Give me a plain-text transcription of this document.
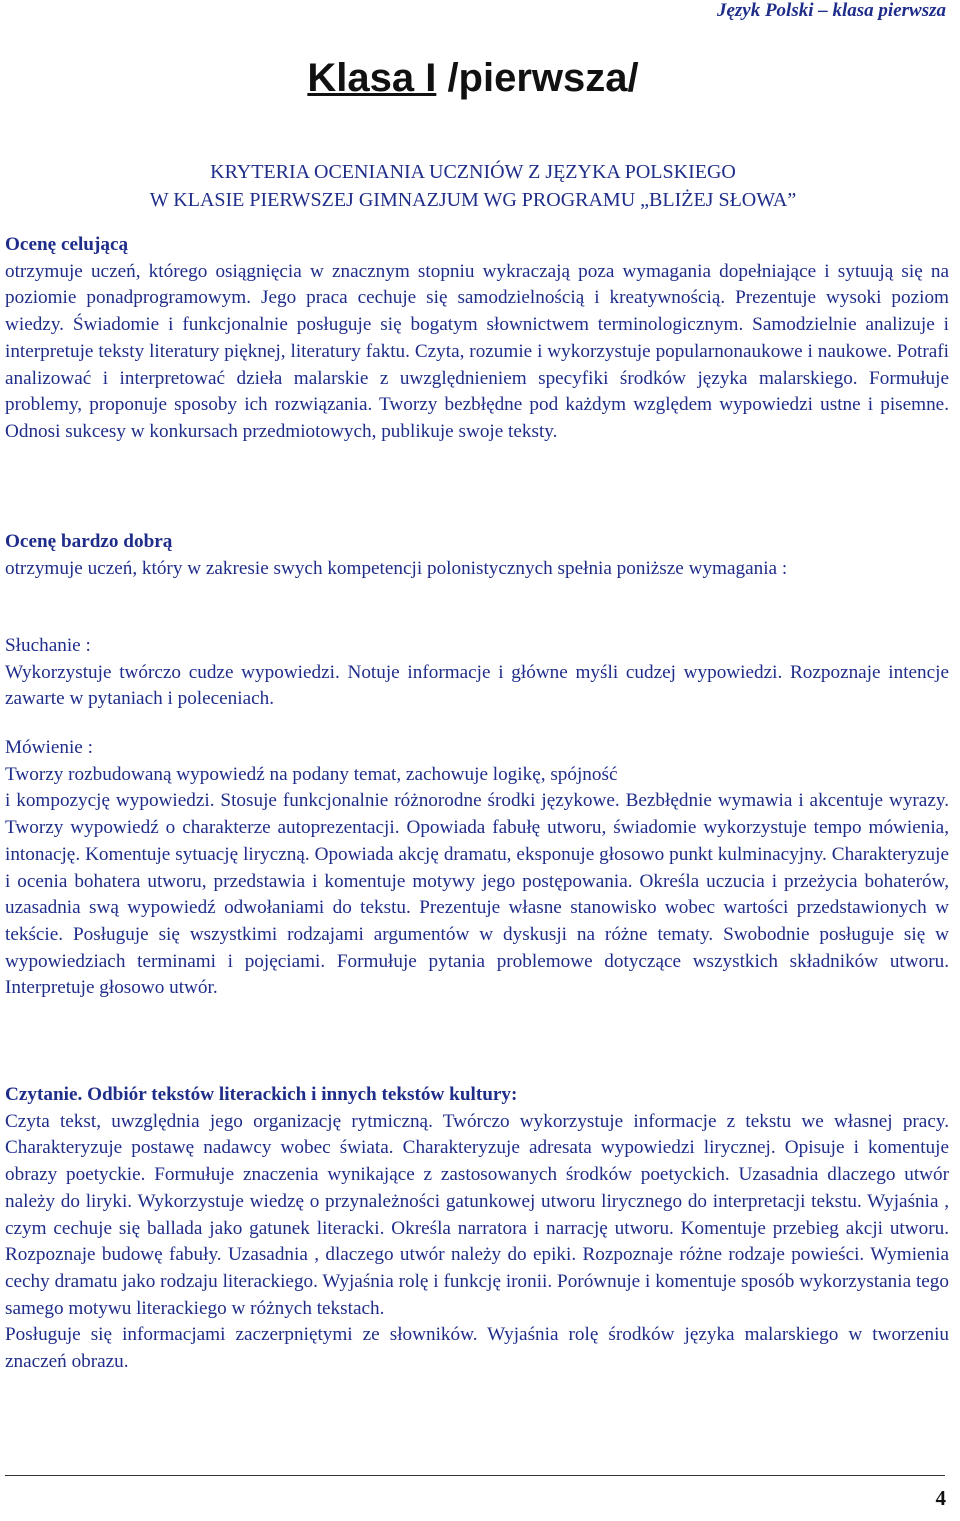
Język Polski – klasa pierwsza
Klasa I /pierwsza/
KRYTERIA OCENIANIA UCZNIÓW Z JĘZYKA POLSKIEGO
W KLASIE PIERWSZEJ GIMNAZJUM WG PROGRAMU „BLIŻEJ SŁOWA”

Ocenę celującą

otrzymuje uczeń, którego osiągnięcia w znacznym stopniu wykraczają poza wymagania dopełniające i sytuują się na poziomie ponadprogramowym. Jego praca cechuje się samodzielnością i kreatywnością. Prezentuje wysoki poziom wiedzy. Świadomie i funkcjonalnie posługuje się bogatym słownictwem terminologicznym. Samodzielnie analizuje i interpretuje teksty literatury pięknej, literatury faktu. Czyta, rozumie i wykorzystuje popularnonaukowe i naukowe. Potrafi analizować i interpretować dzieła malarskie z uwzględnieniem specyfiki środków języka malarskiego. Formułuje problemy, proponuje sposoby ich rozwiązania. Tworzy bezbłędne pod każdym względem wypowiedzi ustne i pisemne. Odnosi sukcesy w konkursach przedmiotowych, publikuje swoje teksty.

Ocenę bardzo dobrą

otrzymuje uczeń, który w zakresie swych kompetencji polonistycznych spełnia poniższe wymagania :

Słuchanie :

Wykorzystuje twórczo cudze wypowiedzi. Notuje informacje i główne myśli cudzej wypowiedzi. Rozpoznaje intencje zawarte w pytaniach i poleceniach.

Mówienie :

Tworzy rozbudowaną wypowiedź na podany temat, zachowuje logikę, spójność

i kompozycję wypowiedzi. Stosuje funkcjonalnie różnorodne środki językowe. Bezbłędnie wymawia i akcentuje wyrazy. Tworzy wypowiedź o charakterze autoprezentacji. Opowiada fabułę utworu, świadomie wykorzystuje tempo mówienia, intonację. Komentuje sytuację liryczną. Opowiada akcję dramatu, eksponuje głosowo punkt kulminacyjny. Charakteryzuje i ocenia bohatera utworu, przedstawia i komentuje motywy jego postępowania. Określa uczucia i przeżycia bohaterów, uzasadnia swą wypowiedź odwołaniami do tekstu. Prezentuje własne stanowisko wobec wartości przedstawionych w tekście. Posługuje się wszystkimi rodzajami argumentów w dyskusji na różne tematy. Swobodnie posługuje się w wypowiedziach terminami i pojęciami. Formułuje pytania problemowe dotyczące wszystkich składników utworu. Interpretuje głosowo utwór.

Czytanie. Odbiór tekstów literackich i innych tekstów kultury:

Czyta tekst, uwzględnia jego organizację rytmiczną. Twórczo wykorzystuje informacje z tekstu we własnej pracy. Charakteryzuje postawę nadawcy wobec świata. Charakteryzuje adresata wypowiedzi lirycznej. Opisuje i komentuje obrazy poetyckie. Formułuje znaczenia wynikające z zastosowanych środków poetyckich. Uzasadnia dlaczego utwór należy do liryki. Wykorzystuje wiedzę o przynależności gatunkowej utworu lirycznego do interpretacji tekstu. Wyjaśnia , czym cechuje się ballada jako gatunek literacki. Określa narratora i narrację utworu. Komentuje przebieg akcji utworu. Rozpoznaje budowę fabuły. Uzasadnia , dlaczego utwór należy do epiki. Rozpoznaje różne rodzaje powieści. Wymienia cechy dramatu jako rodzaju literackiego. Wyjaśnia rolę i funkcję ironii. Porównuje i komentuje sposób wykorzystania tego samego motywu literackiego w różnych tekstach.

Posługuje się informacjami zaczerpniętymi ze słowników. Wyjaśnia rolę środków języka malarskiego w tworzeniu znaczeń obrazu.

4
